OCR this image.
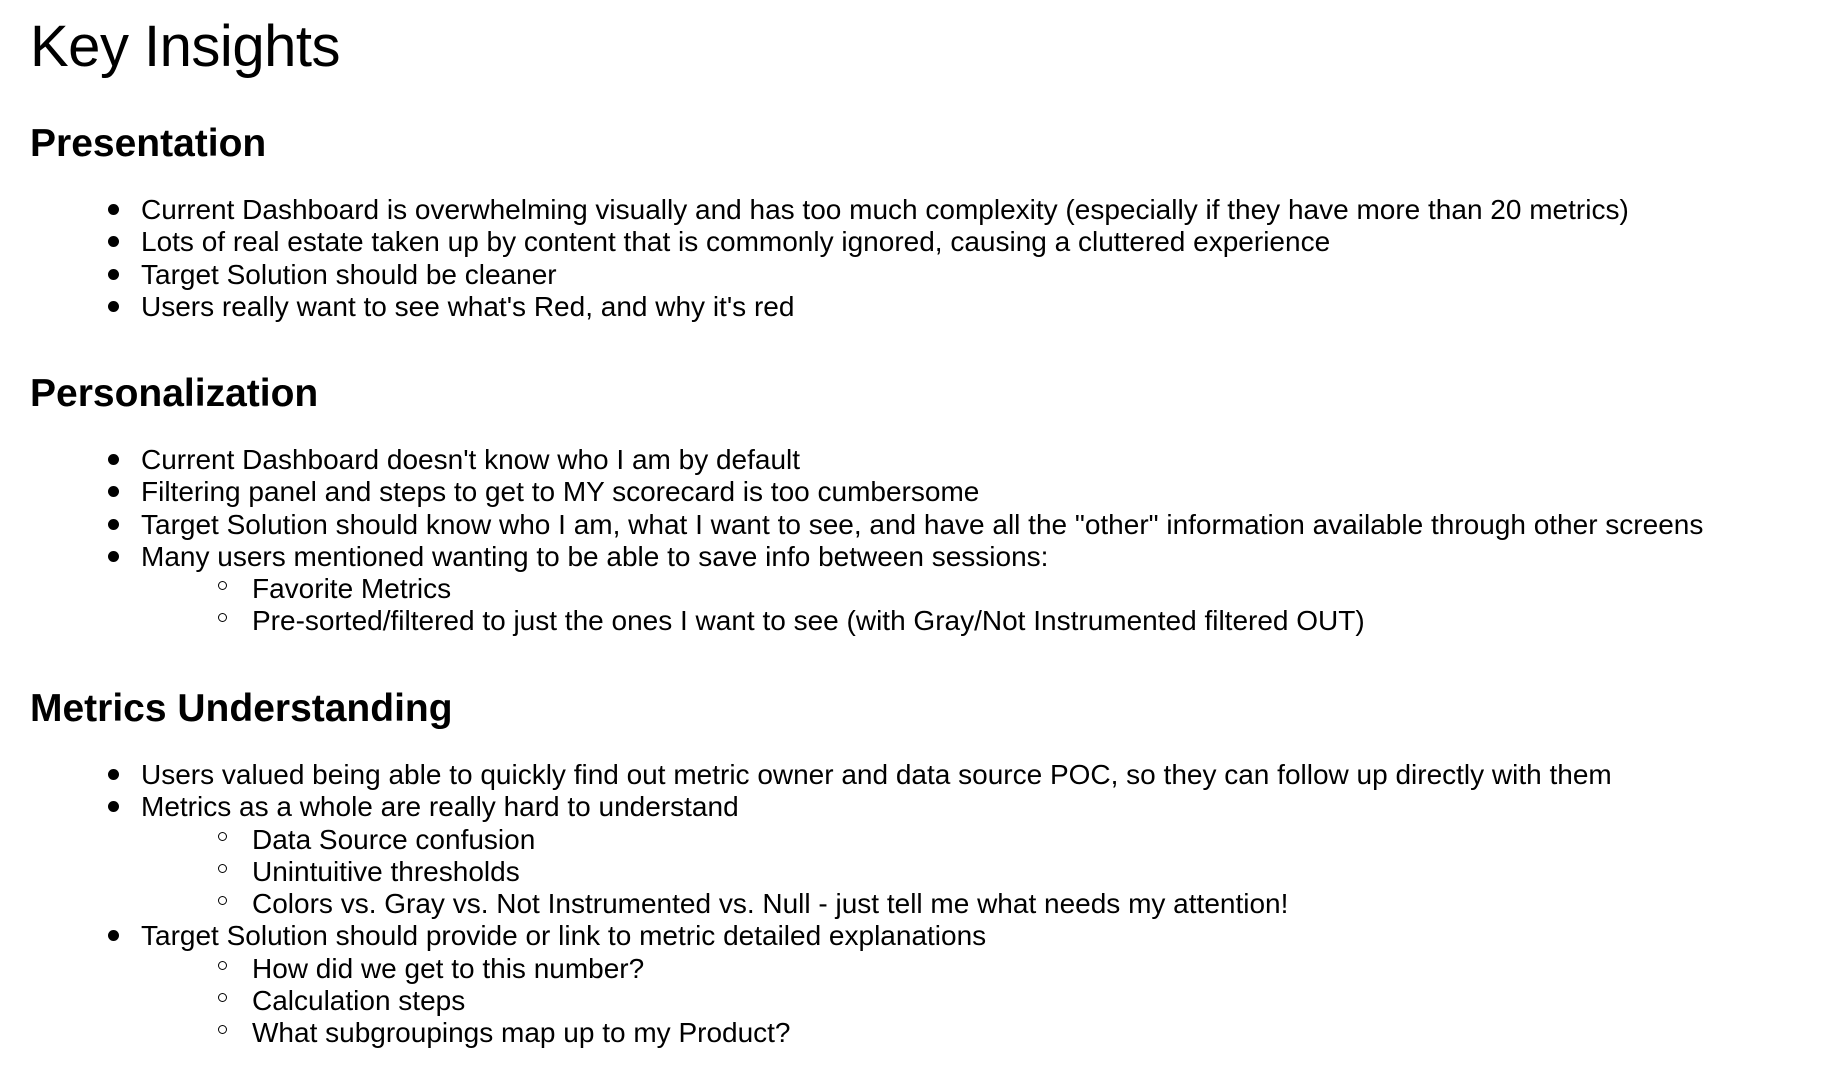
Key Insights
Presentation
Current Dashboard is overwhelming visually and has too much complexity (especially if they have more than 20 metrics)
Lots of real estate taken up by content that is commonly ignored, causing a cluttered experience
Target Solution should be cleaner
Users really want to see what's Red, and why it's red
Personalization
Current Dashboard doesn't know who I am by default
Filtering panel and steps to get to MY scorecard is too cumbersome
Target Solution should know who I am, what I want to see, and have all the "other" information available through other screens
Many users mentioned wanting to be able to save info between sessions:
Favorite Metrics
Pre-sorted/filtered to just the ones I want to see (with Gray/Not Instrumented filtered OUT)
Metrics Understanding
Users valued being able to quickly find out metric owner and data source POC, so they can follow up directly with them
Metrics as a whole are really hard to understand
Data Source confusion
Unintuitive thresholds
Colors vs. Gray vs. Not Instrumented vs. Null - just tell me what needs my attention!
Target Solution should provide or link to metric detailed explanations
How did we get to this number?
Calculation steps
What subgroupings map up to my Product?
